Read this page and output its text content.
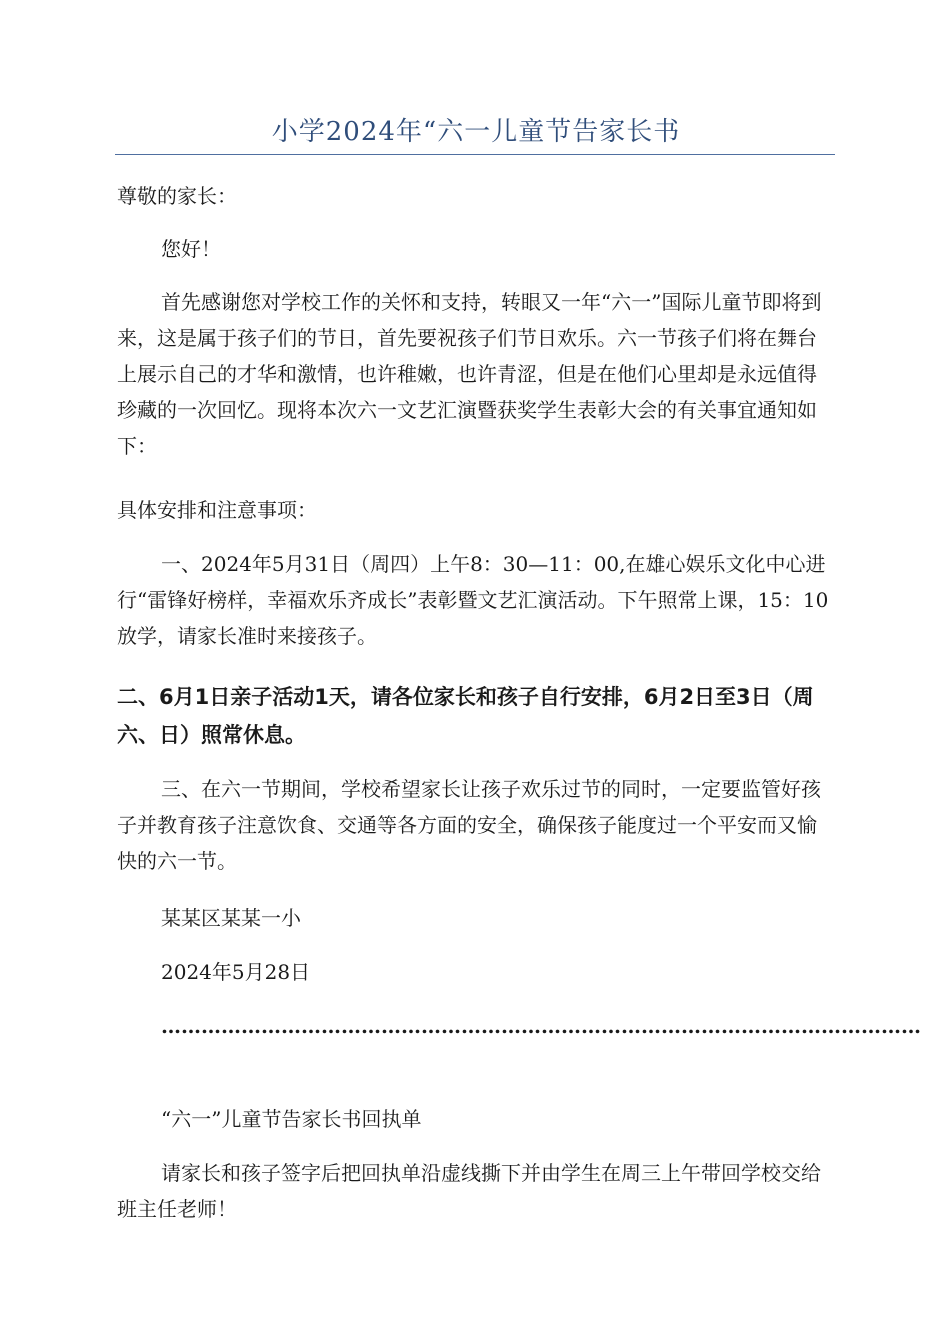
小学2024年“六一儿童节告家长书

尊敬的家长：

您好！

首先感谢您对学校工作的关怀和支持，转眼又一年“六一”国际儿童节即将到来，这是属于孩子们的节日，首先要祝孩子们节日欢乐。六一节孩子们将在舞台上展示自己的才华和激情，也许稚嫩，也许青涩，但是在他们心里却是永远值得珍藏的一次回忆。现将本次六一文艺汇演暨获奖学生表彰大会的有关事宜通知如下：

具体安排和注意事项：

一、2024年5月31日（周四）上午8：30—11：00,在雄心娱乐文化中心进行“雷锋好榜样，幸福欢乐齐成长”表彰暨文艺汇演活动。下午照常上课，15：10放学，请家长准时来接孩子。

二、6月1日亲子活动1天，请各位家长和孩子自行安排，6月2日至3日（周六、日）照常休息。

三、在六一节期间，学校希望家长让孩子欢乐过节的同时，一定要监管好孩子并教育孩子注意饮食、交通等各方面的安全，确保孩子能度过一个平安而又愉快的六一节。

某某区某某一小

2024年5月28日

……………………………………………………………………………………………………

“六一”儿童节告家长书回执单

请家长和孩子签字后把回执单沿虚线撕下并由学生在周三上午带回学校交给班主任老师！
